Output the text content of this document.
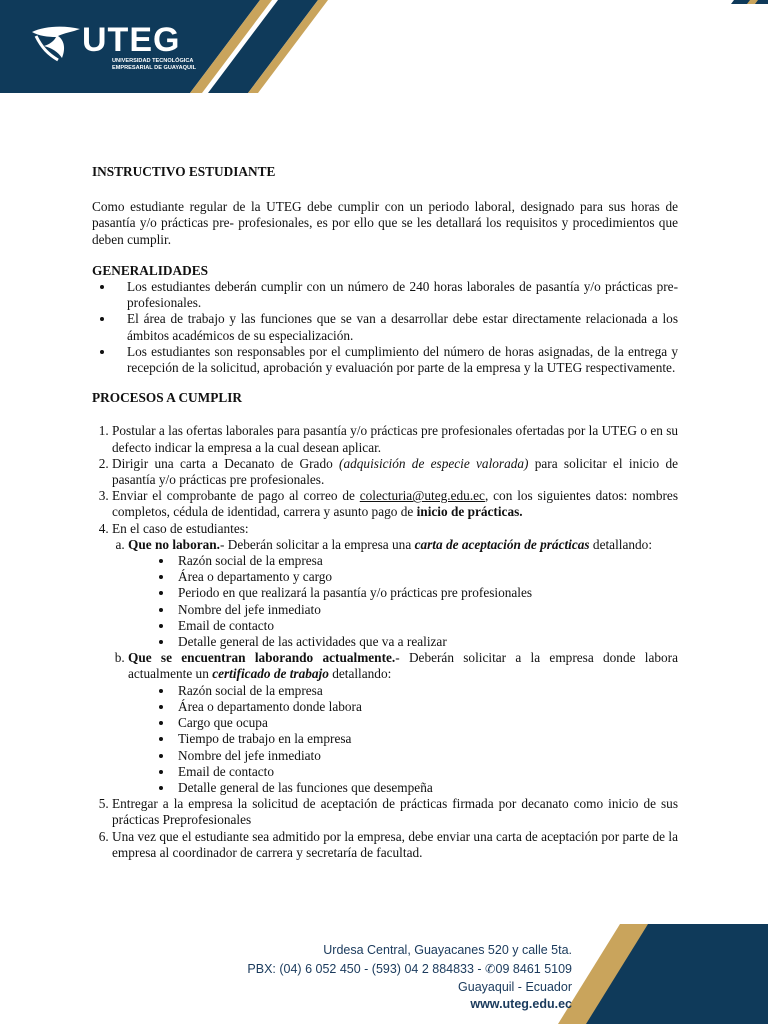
UTEG
UNIVERSIDAD TECNOLÓGICA
EMPRESARIAL DE GUAYAQUIL

INSTRUCTIVO ESTUDIANTE

Como estudiante regular de la UTEG debe cumplir con un periodo laboral, designado para sus horas de pasantía y/o prácticas pre- profesionales, es por ello que se les detallará los requisitos y procedimientos que deben cumplir.

GENERALIDADES

• Los estudiantes deberán cumplir con un número de 240 horas laborales de pasantía y/o prácticas pre-profesionales.
• El área de trabajo y las funciones que se van a desarrollar debe estar directamente relacionada a los ámbitos académicos de su especialización.
• Los estudiantes son responsables por el cumplimiento del número de horas asignadas, de la entrega y recepción de la solicitud, aprobación y evaluación por parte de la empresa y la UTEG respectivamente.

PROCESOS A CUMPLIR

1. Postular a las ofertas laborales para pasantía y/o prácticas pre profesionales ofertadas por la UTEG o en su defecto indicar la empresa a la cual desean aplicar.
2. Dirigir una carta a Decanato de Grado (adquisición de especie valorada) para solicitar el inicio de pasantía y/o prácticas pre profesionales.
3. Enviar el comprobante de pago al correo de colecturia@uteg.edu.ec, con los siguientes datos: nombres completos, cédula de identidad, carrera y asunto pago de inicio de prácticas.
4. En el caso de estudiantes:
a. Que no laboran.- Deberán solicitar a la empresa una carta de aceptación de prácticas detallando:
• Razón social de la empresa
• Área o departamento y cargo
• Periodo en que realizará la pasantía y/o prácticas pre profesionales
• Nombre del jefe inmediato
• Email de contacto
• Detalle general de las actividades que va a realizar
b. Que se encuentran laborando actualmente.- Deberán solicitar a la empresa donde labora actualmente un certificado de trabajo detallando:
• Razón social de la empresa
• Área o departamento donde labora
• Cargo que ocupa
• Tiempo de trabajo en la empresa
• Nombre del jefe inmediato
• Email de contacto
• Detalle general de las funciones que desempeña
5. Entregar a la empresa la solicitud de aceptación de prácticas firmada por decanato como inicio de sus prácticas Preprofesionales
6. Una vez que el estudiante sea admitido por la empresa, debe enviar una carta de aceptación por parte de la empresa al coordinador de carrera y secretaría de facultad.
Urdesa Central, Guayacanes 520 y calle 5ta.
PBX: (04) 6 052 450 - (593) 04 2 884833 - ✆09 8461 5109
Guayaquil - Ecuador
www.uteg.edu.ec
